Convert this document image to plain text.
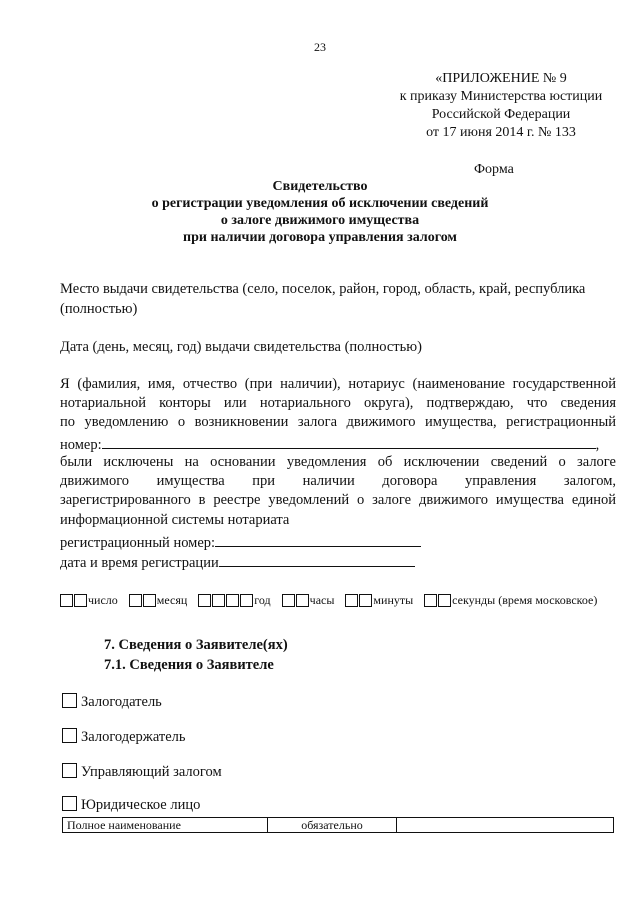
23
«ПРИЛОЖЕНИЕ № 9
к приказу Министерства юстиции
Российской Федерации
от 17 июня 2014 г. № 133
Форма
Свидетельство
о регистрации уведомления об исключении сведений
о залоге движимого имущества
при наличии договора управления залогом
Место выдачи свидетельства (село, поселок, район, город, область, край, республика
(полностью)
Дата (день, месяц, год) выдачи свидетельства (полностью)
Я (фамилия, имя, отчество (при наличии), нотариус (наименование государственной
нотариальной конторы или нотариального округа), подтверждаю, что сведения
по уведомлению о возникновении залога движимого имущества, регистрационный
номер:	,
были исключены на основании уведомления об исключении сведений о залоге
движимого имущества при наличии договора управления залогом,
зарегистрированного в реестре уведомлений о залоге движимого имущества единой
информационной системы нотариата
регистрационный номер:
дата и время регистрации
число	месяц	год	часы	минуты	секунды (время московское)
7. Сведения о Заявителе(ях)
7.1. Сведения о Заявителе
Залогодатель
Залогодержатель
Управляющий залогом
Юридическое лицо
Полное наименование	обязательно	
